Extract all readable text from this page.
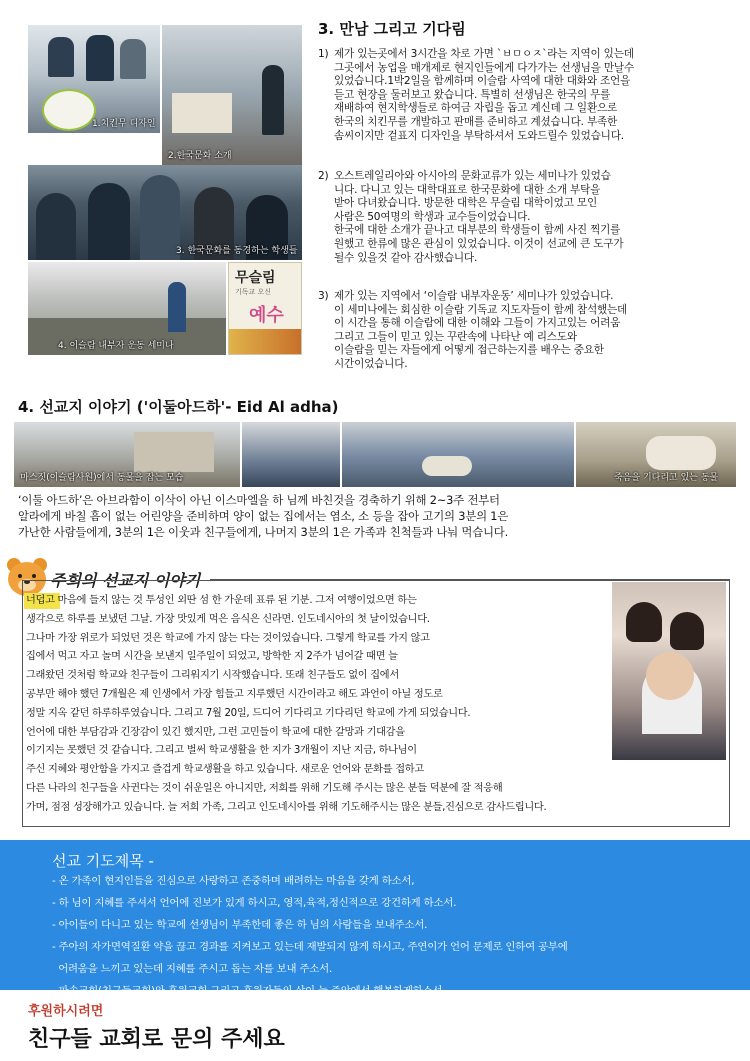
1.치킨무 디자인
2.한국문화 소개
3. 한국문화를 동경하는 학생들
4. 이슬람 내부자 운동 세미나
무슬림
기독교 오신
예수
3. 만남 그리고 기다림
1) 제가 있는곳에서 3시간을 차로 가면 `ㅂㅁㅇㅈ`라는 지역이 있는데
그곳에서 농업을 매개제로 현지인들에게 다가가는 선생님을 만날수
있었습니다.1박2일을 함께하며 이슬람 사역에 대한 대화와 조언을
듣고 현장을 둘러보고 왔습니다. 특별히 선생님은 한국의 무를
재배하여 현지학생들로 하여금 자립을 돕고 계신데 그 일환으로
한국의 치킨무를 개발하고 판매를 준비하고 계셨습니다. 부족한
솜씨이지만 겉표지 디자인을 부탁하셔서 도와드릴수 있었습니다.
2) 오스트레일리아와 아시아의 문화교류가 있는 세미나가 있었습
니다. 다니고 있는 대학대표로 한국문화에 대한 소개 부탁을
받아 다녀왔습니다. 방문한 대학은 무슬림 대학이었고 모인
사람은 50여명의 학생과 교수들이었습니다.
한국에 대한 소개가 끝나고 대부분의 학생들이 함께 사진 찍기를
원했고 한류에 많은 관심이 있었습니다. 이것이 선교에 큰 도구가
될수 있을것 같아 감사했습니다.
3) 제가 있는 지역에서 ‘이슬람 내부자운동’ 세미나가 있었습니다.
이 세미나에는 회심한 이슬람 기독교 지도자들이 함께 참석했는데
이 시간을 통해 이슬람에 대한 이해와 그들이 가지고있는 어려움
그리고 그들이 믿고 있는 꾸란속에 나타난 예 리스도와
이슬람을 믿는 자들에게 어떻게 접근하는지를 배우는 중요한
시간이었습니다.
4. 선교지 이야기 ('이둘아드하'- Eid Al adha)
마스짓(이슬람사원)에서 동물을 잡는 모습	죽음을 기다리고 있는 동물
‘이둘 아드하’은 아브라함이 이삭이 아닌 이스마엘을 하 님께 바친것을 경축하기 위해 2~3주 전부터
알라에게 바칠 흠이 없는 어린양을 준비하며 양이 없는 집에서는 염소, 소 등을 잡아 고기의 3분의 1은
가난한 사람들에게, 3분의 1은 이웃과 친구들에게, 나머지 3분의 1은 가족과 친척들과 나눠 먹습니다.
주희의 선교지 이야기
너덥고 마음에 들지 않는 것 투성인 외딴 섬 한 가운데 표류 된 기분. 그저 여행이었으면 하는
생각으로 하루를 보냈던 그날. 가장 맛있게 먹은 음식은 신라면. 인도네시아의 첫 날이었습니다.
그나마 가장 위로가 되었던 것은 학교에 가지 않는 다는 것이었습니다. 그렇게 학교를 가지 않고
집에서 먹고 자고 놀며 시간을 보낸지 일주일이 되었고, 방학한 지 2주가 넘어갈 때면 늘
그래왔던 것처럼 학교와 친구들이 그리워지기 시작했습니다. 또래 친구들도 없이 집에서
공부만 해야 했던 7개월은 제 인생에서 가장 힘들고 지루했던 시간이라고 해도 과언이 아닐 정도로
정말 지옥 같던 하루하루였습니다. 그리고 7월 20일, 드디어 기다리고 기다리던 학교에 가게 되었습니다.
언어에 대한 부담감과 긴장감이 있긴 했지만, 그런 고민들이 학교에 대한 갈망과 기대감을
이기지는 못했던 것 같습니다. 그리고 벌써 학교생활을 한 지가 3개월이 지난 지금, 하나님이
주신 지혜와 평안함을 가지고 즐겁게 학교생활을 하고 있습니다. 새로운 언어와 문화를 접하고
다른 나라의 친구들을 사귄다는 것이 쉬운일은 아니지만, 저희를 위해 기도해 주시는 많은 분들 덕분에 잘 적응해
가며, 점점 성장해가고 있습니다. 늘 저희 가족, 그리고 인도네시아를 위해 기도해주시는 많은 분들,진심으로 감사드립니다.
선교 기도제목 -
- 온 가족이 현지인들을 진심으로 사랑하고 존중하며 배려하는 마음을 갖게 하소서,
- 하 님이 지혜를 주셔서 언어에 진보가 있게 하시고, 영적,육적,정신적으로 강건하게 하소서.
- 아이들이 다니고 있는 학교에 선생님이 부족한데 좋은 하 님의 사람들을 보내주소서.
- 주아의 자가면역질환 약을 끊고 경과를 지켜보고 있는데 재발되지 않게 하시고, 주연이가 언어 문제로 인하여 공부에
어려움을 느끼고 있는데 지혜를 주시고 돕는 자를 보내 주소서.
- 파송교회(친구들교회)와 후원교회 그리고 후원자들의 삶이 늘 주안에서 행복하게하소서
후원하시려면
친구들 교회로 문의 주세요
